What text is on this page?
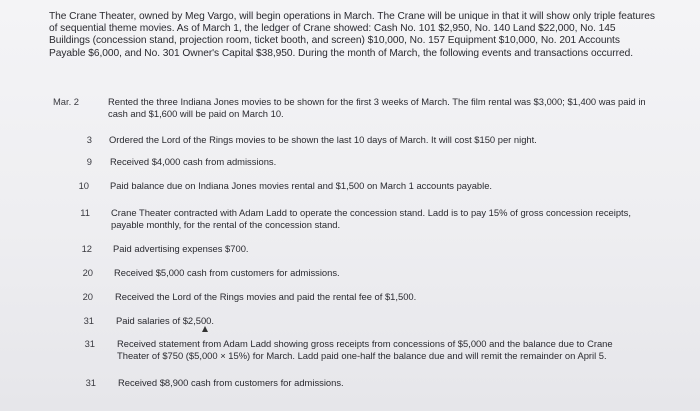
The Crane Theater, owned by Meg Vargo, will begin operations in March. The Crane will be unique in that it will show only triple features of sequential theme movies. As of March 1, the ledger of Crane showed: Cash No. 101 $2,950, No. 140 Land $22,000, No. 145 Buildings (concession stand, projection room, ticket booth, and screen) $10,000, No. 157 Equipment $10,000, No. 201 Accounts Payable $6,000, and No. 301 Owner's Capital $38,950. During the month of March, the following events and transactions occurred.
Mar. 2	Rented the three Indiana Jones movies to be shown for the first 3 weeks of March. The film rental was $3,000; $1,400 was paid in cash and $1,600 will be paid on March 10.
3 Ordered the Lord of the Rings movies to be shown the last 10 days of March. It will cost $150 per night.
9 Received $4,000 cash from admissions.
10 Paid balance due on Indiana Jones movies rental and $1,500 on March 1 accounts payable.
11 Crane Theater contracted with Adam Ladd to operate the concession stand. Ladd is to pay 15% of gross concession receipts, payable monthly, for the rental of the concession stand.
12 Paid advertising expenses $700.
20 Received $5,000 cash from customers for admissions.
20 Received the Lord of the Rings movies and paid the rental fee of $1,500.
31 Paid salaries of $2,500.
31 Received statement from Adam Ladd showing gross receipts from concessions of $5,000 and the balance due to Crane Theater of $750 ($5,000 × 15%) for March. Ladd paid one-half the balance due and will remit the remainder on April 5.
31 Received $8,900 cash from customers for admissions.
